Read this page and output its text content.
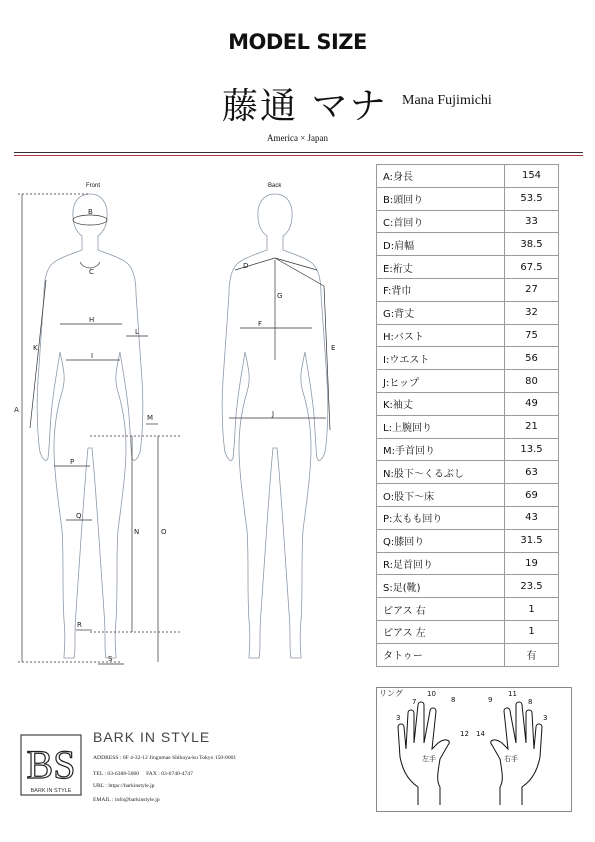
MODEL SIZE
藤通 マナ Mana Fujimichi
America × Japan
Front	Back
A
B
C
H
I
K
L
M
N	O
P
Q
R
S
D
E
F
G
J
A:身長	154
B:頭回り	53.5
C:首回り	33
D:肩幅	38.5
E:裄丈	67.5
F:背巾	27
G:背丈	32
H:バスト	75
I:ウエスト	56
J:ヒップ	80
K:袖丈	49
L:上腕回り	21
M:手首回り	13.5
N:股下～くるぶし	63
O:股下～床	69
P:太もも回り	43
Q:膝回り	31.5
R:足首回り	19
S:足(靴)	23.5
ピアス 右	1
ピアス 左	1
タトゥー	有
リング
3
7
10
8
12 14
9
11
8
3
左手	右手
BS
BARK IN STYLE
BARK IN STYLE
ADDRESS : 6F 4-32-12 Jingumae Shibuya-ku Tokyo 150-0001
TEL : 03-6388-5060　 FAX : 03-6740-4747
URL : https://barkinstyle.jp
EMAIL : info@barkinstyle.jp
